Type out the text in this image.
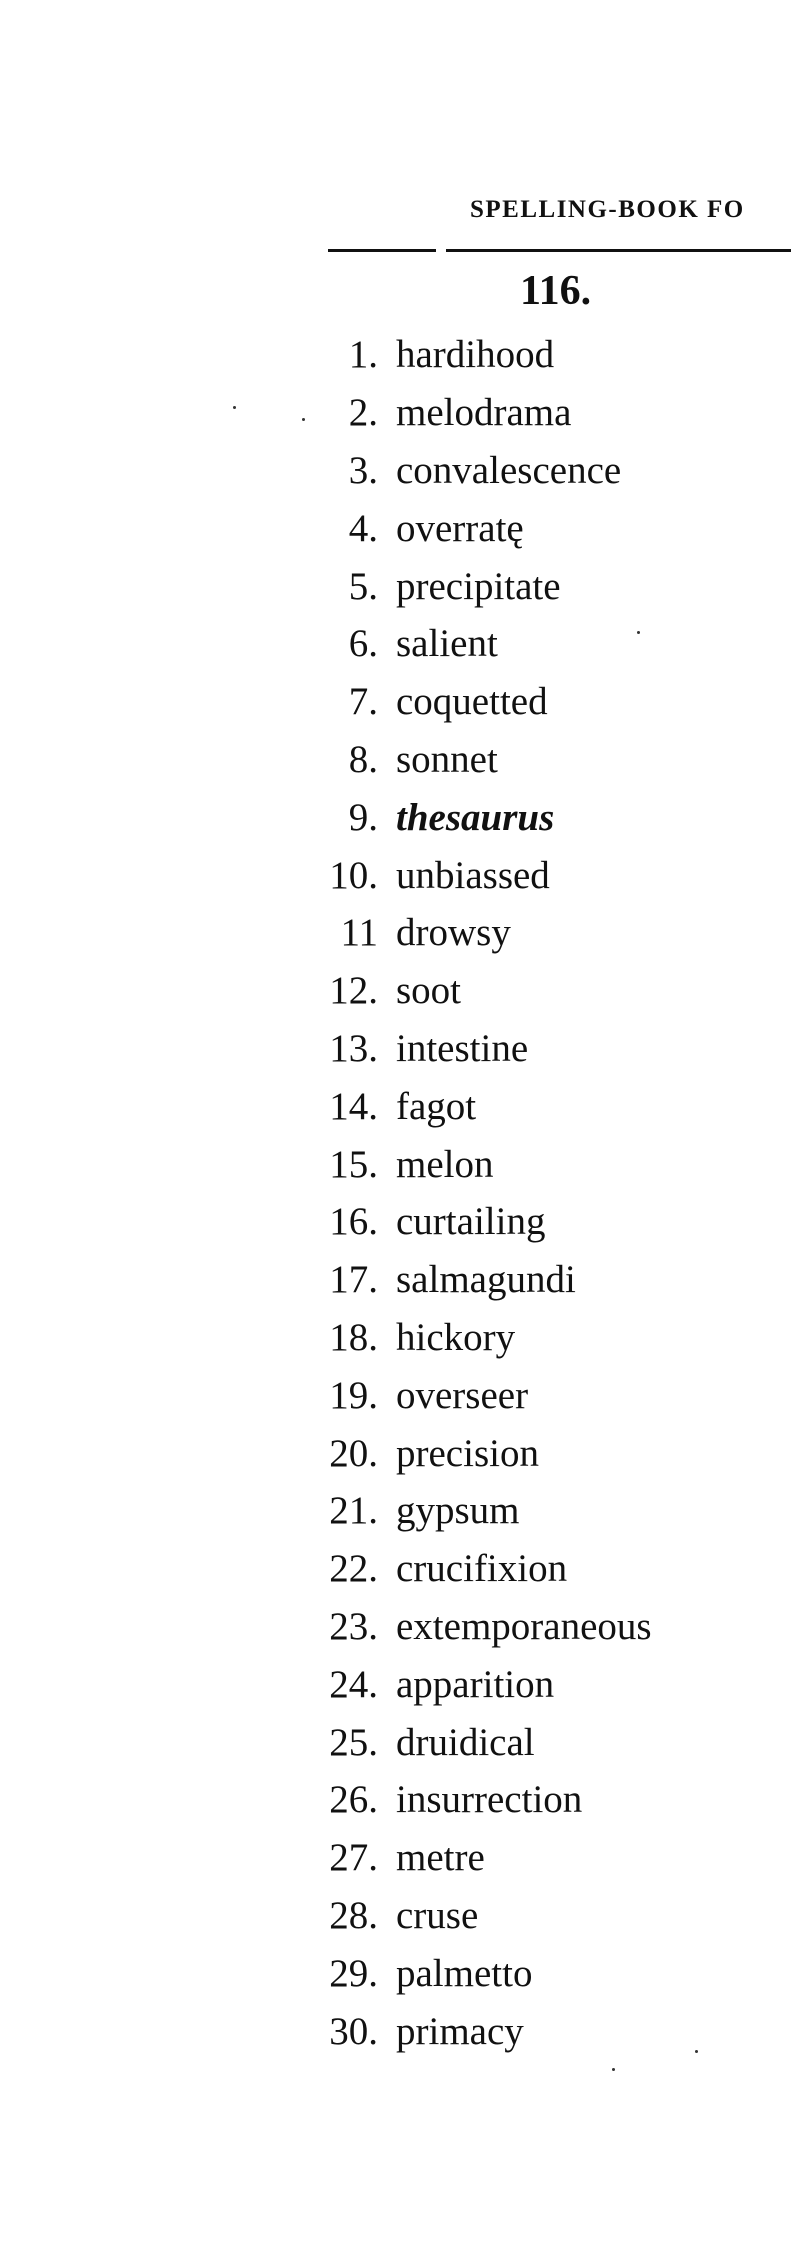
SPELLING-BOOK FO
116.
1. hardihood
2. melodrama
3. convalescence
4. overratę
5. precipitate
6. salient
7. coquetted
8. sonnet
9. thesaurus
10. unbiassed
11 drowsy
12. soot
13. intestine
14. fagot
15. melon
16. curtailing
17. salmagundi
18. hickory
19. overseer
20. precision
21. gypsum
22. crucifixion
23. extemporaneous
24. apparition
25. druidical
26. insurrection
27. metre
28. cruse
29. palmetto
30. primacy
